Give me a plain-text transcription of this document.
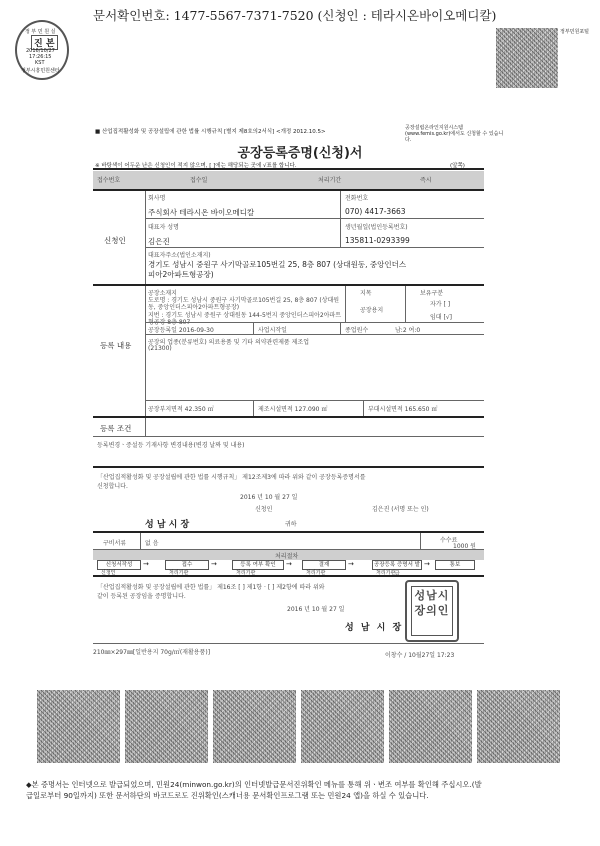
문서확인번호: 1477-5567-7371-7520 (신청인 : 테라시온바이오메디칼)
정 부 민 원 실
진 본
2016/10/27
17:26:15
KST
정부시흥민원센터
정부민원포털
■ 산업집적활성화 및 공장설립에 관한 법률 시행규칙 [별지 제8호의2서식] <개정 2012.10.5>
공장설립온라인지원시스템(www.femis.go.kr)에서도 신청할 수 있습니다.
공장등록증명(신청)서
※ 바탕색이 어두운 난은 신청인이 적지 않으며, [ ]에는 해당되는 곳에 √표를 합니다.	(앞쪽)
접수번호	접수일	처리기간	즉시
신청인
회사명
주식회사 테라시온 바이오메디칼
전화번호
070) 4417-3663
대표자 성명
김은진
생년월일(법인등록번호)
135811-0293399
대표자주소(법인소재지)
경기도 성남시 중원구 사기막골로105번길 25, 8층 807 (상대원동, 중앙인더스피아2아파트형공장)
등록 내용
공장소재지
도로명 : 경기도 성남시 중원구 사기막골로105번길 25, 8층 807 (상대원동, 중앙인더스피아2아파트형공장)
지번 : 경기도 성남시 중원구 상대원동 144-5번지 중앙인더스피아2아파트형공장 8층 807
지목
공장용지
보유구분
자가 [ ]
임대 [√]
공장등록일 2016-09-30	사업시작일	종업원수	남:2 여:0
공장의 업종(분류번호) 의료용품 및 기타 의약관련제품 제조업
(21300)
공장부지면적 42.350 ㎡	제조시설면적 127.090 ㎡	부대시설면적 165.650 ㎡
등록 조건
등록변경ㆍ증설등 기재사항 변경내용(변경 날짜 및 내용)
「산업집적활성화 및 공장설립에 관한 법률 시행규칙」 제12조제3에 따라 위와 같이 공장등록증명서를
신청합니다.
2016 년 10 월 27 일
신청인	김은진 (서명 또는 인)
성 남 시 장	귀하
구비서류	없 음	수수료
1000 원
처리절차
신청서작성
신청인
→	접수
처리기관
→	등록 여부 확인
처리기관
→	결재
처리기관
→	공장등록 증명서 발급
처리기관
→	통보
「산업집적활성화 및 공장설립에 관한 법률」 제16조 [ ] 제1항 · [ ] 제2항에 따라 위와
같이 등록된 공장임을 증명합니다.
2016 년 10 월 27 일
성 남 시 장
성남시장의인
210㎜×297㎜[일반용지 70g/㎡(재활용품)]	이창수 / 10월27일 17:23
◆본 증명서는 인터넷으로 발급되었으며, 민원24(minwon.go.kr)의 인터넷발급문서진위확인 메뉴를 통해 위ㆍ변조 여부를 확인해 주십시오.(발
급일로부터 90일까지) 또한 문서하단의 바코드로도 진위확인(스캐너용 문서확인프로그램 또는 민원24 앱)을 하실 수 있습니다.
